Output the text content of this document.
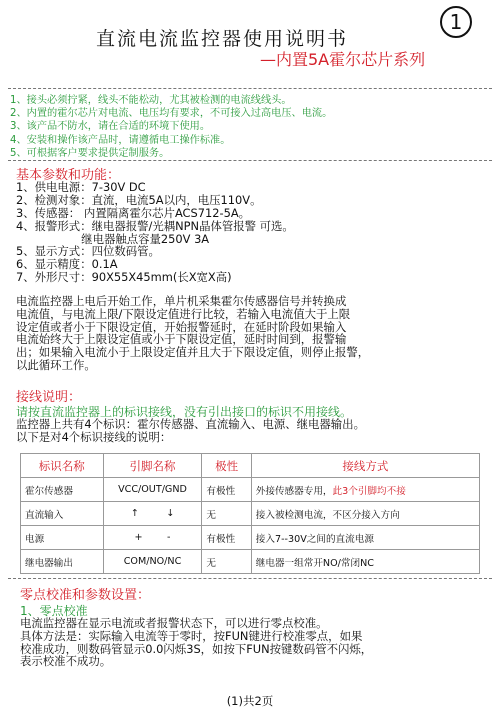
直流电流监控器使用说明书
—内置5A霍尔芯片系列
1
1、接头必须拧紧，线头不能松动，尤其被检测的电流线线头。
2、内置的霍尔芯片对电流、电压均有要求，不可接入过高电压、电流。
3、该产品不防水，请在合适的环境下使用。
4、安装和操作该产品时，请遵循电工操作标准。
5、可根据客户要求提供定制服务。
基本参数和功能：
1、供电电源：7-30V DC
2、检测对象：直流，电流5A以内，电压110V。
3、传感器： 内置隔离霍尔芯片ACS712-5A。
4、报警形式：继电器报警/光耦NPN晶体管报警 可选。
继电器触点容量250V 3A
5、显示方式：四位数码管。
6、显示精度：0.1A
7、外形尺寸：90X55X45mm(长X宽X高)
电流监控器上电后开始工作，单片机采集霍尔传感器信号并转换成
电流值，与电流上限/下限设定值进行比较，若输入电流值大于上限
设定值或者小于下限设定值，开始报警延时，在延时阶段如果输入
电流始终大于上限设定值或小于下限设定值，延时时间到，报警输
出；如果输入电流小于上限设定值并且大于下限设定值，则停止报警，
以此循环工作。
接线说明：
请按直流监控器上的标识接线，没有引出接口的标识不用接线。
监控器上共有4个标识：霍尔传感器、直流输入、电源、继电器输出。
以下是对4个标识接线的说明：
标识名称	引脚名称	极性	接线方式
霍尔传感器	VCC/OUT/GND	有极性	外接传感器专用，此3个引脚均不接
直流输入	↑         ↓	无	接入被检测电流，不区分接入方向
电源	+        -	有极性	接入7--30V之间的直流电源
继电器输出	COM/NO/NC	无	继电器一组常开NO/常闭NC
零点校准和参数设置：
1、零点校准
电流监控器在显示电流或者报警状态下，可以进行零点校准。
具体方法是：实际输入电流等于零时，按FUN键进行校准零点，如果
校准成功，则数码管显示0.0闪烁3S，如按下FUN按键数码管不闪烁，
表示校准不成功。
(1)共2页
